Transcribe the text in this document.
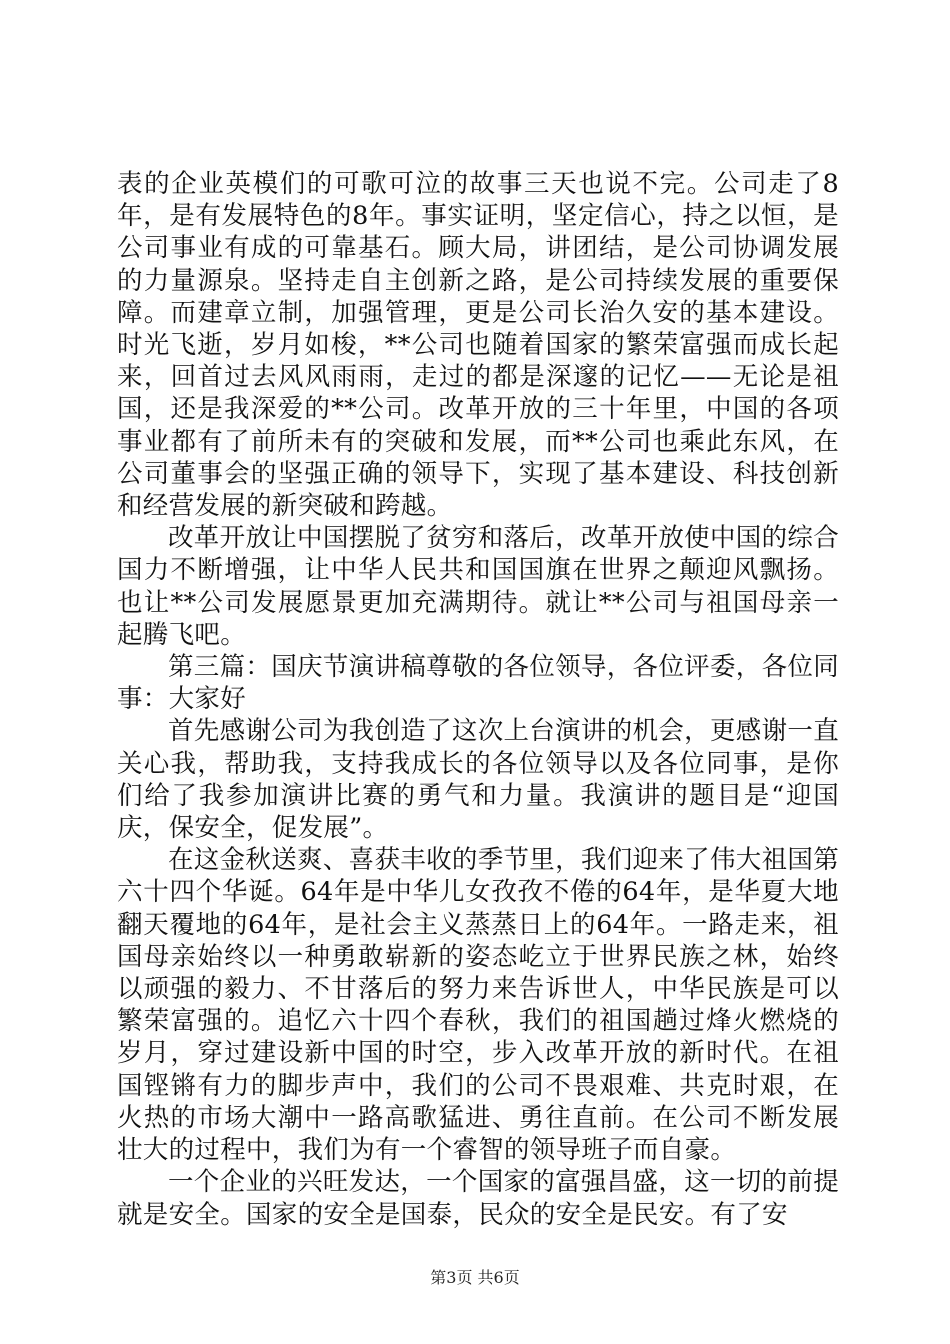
表的企业英模们的可歌可泣的故事三天也说不完。公司走了8年，是有发展特色的8年。事实证明，坚定信心，持之以恒，是公司事业有成的可靠基石。顾大局，讲团结，是公司协调发展的力量源泉。坚持走自主创新之路，是公司持续发展的重要保障。而建章立制，加强管理，更是公司长治久安的基本建设。时光飞逝，岁月如梭，**公司也随着国家的繁荣富强而成长起来，回首过去风风雨雨，走过的都是深邃的记忆——无论是祖国，还是我深爱的**公司。改革开放的三十年里，中国的各项事业都有了前所未有的突破和发展，而**公司也乘此东风，在公司董事会的坚强正确的领导下，实现了基本建设、科技创新和经营发展的新突破和跨越。

改革开放让中国摆脱了贫穷和落后，改革开放使中国的综合国力不断增强，让中华人民共和国国旗在世界之颠迎风飘扬。也让**公司发展愿景更加充满期待。就让**公司与祖国母亲一起腾飞吧。

第三篇：国庆节演讲稿尊敬的各位领导，各位评委，各位同事：大家好

首先感谢公司为我创造了这次上台演讲的机会，更感谢一直关心我，帮助我，支持我成长的各位领导以及各位同事，是你们给了我参加演讲比赛的勇气和力量。我演讲的题目是“迎国庆，保安全，促发展”。

在这金秋送爽、喜获丰收的季节里，我们迎来了伟大祖国第六十四个华诞。64年是中华儿女孜孜不倦的64年，是华夏大地翻天覆地的64年，是社会主义蒸蒸日上的64年。一路走来，祖国母亲始终以一种勇敢崭新的姿态屹立于世界民族之林，始终以顽强的毅力、不甘落后的努力来告诉世人，中华民族是可以繁荣富强的。追忆六十四个春秋，我们的祖国趟过烽火燃烧的岁月，穿过建设新中国的时空，步入改革开放的新时代。在祖国铿锵有力的脚步声中，我们的公司不畏艰难、共克时艰，在火热的市场大潮中一路高歌猛进、勇往直前。在公司不断发展壮大的过程中，我们为有一个睿智的领导班子而自豪。

一个企业的兴旺发达，一个国家的富强昌盛，这一切的前提就是安全。国家的安全是国泰，民众的安全是民安。有了安

第3页 共6页
